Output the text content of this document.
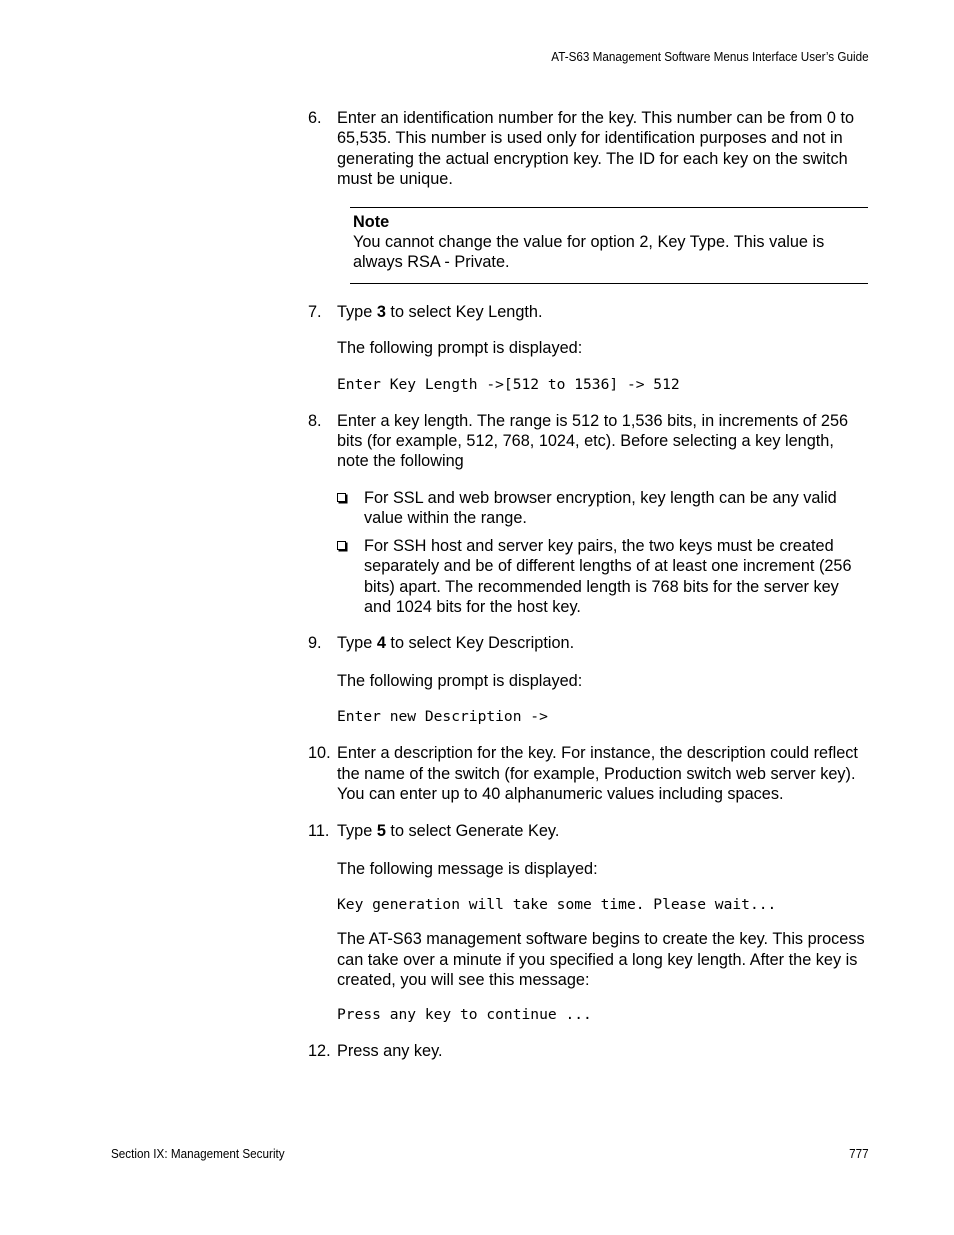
AT-S63 Management Software Menus Interface User’s Guide

6. Enter an identification number for the key. This number can be from 0 to 65,535. This number is used only for identification purposes and not in generating the actual encryption key. The ID for each key on the switch must be unique.

Note
You cannot change the value for option 2, Key Type. This value is always RSA - Private.

7. Type 3 to select Key Length.

The following prompt is displayed:

Enter Key Length ->[512 to 1536] -> 512

8. Enter a key length. The range is 512 to 1,536 bits, in increments of 256 bits (for example, 512, 768, 1024, etc). Before selecting a key length, note the following

For SSL and web browser encryption, key length can be any valid value within the range.

For SSH host and server key pairs, the two keys must be created separately and be of different lengths of at least one increment (256 bits) apart. The recommended length is 768 bits for the server key and 1024 bits for the host key.

9. Type 4 to select Key Description.

The following prompt is displayed:

Enter new Description ->

10. Enter a description for the key. For instance, the description could reflect the name of the switch (for example, Production switch web server key). You can enter up to 40 alphanumeric values including spaces.

11. Type 5 to select Generate Key.

The following message is displayed:

Key generation will take some time. Please wait...

The AT-S63 management software begins to create the key. This process can take over a minute if you specified a long key length. After the key is created, you will see this message:

Press any key to continue ...

12. Press any key.

Section IX: Management Security	777
